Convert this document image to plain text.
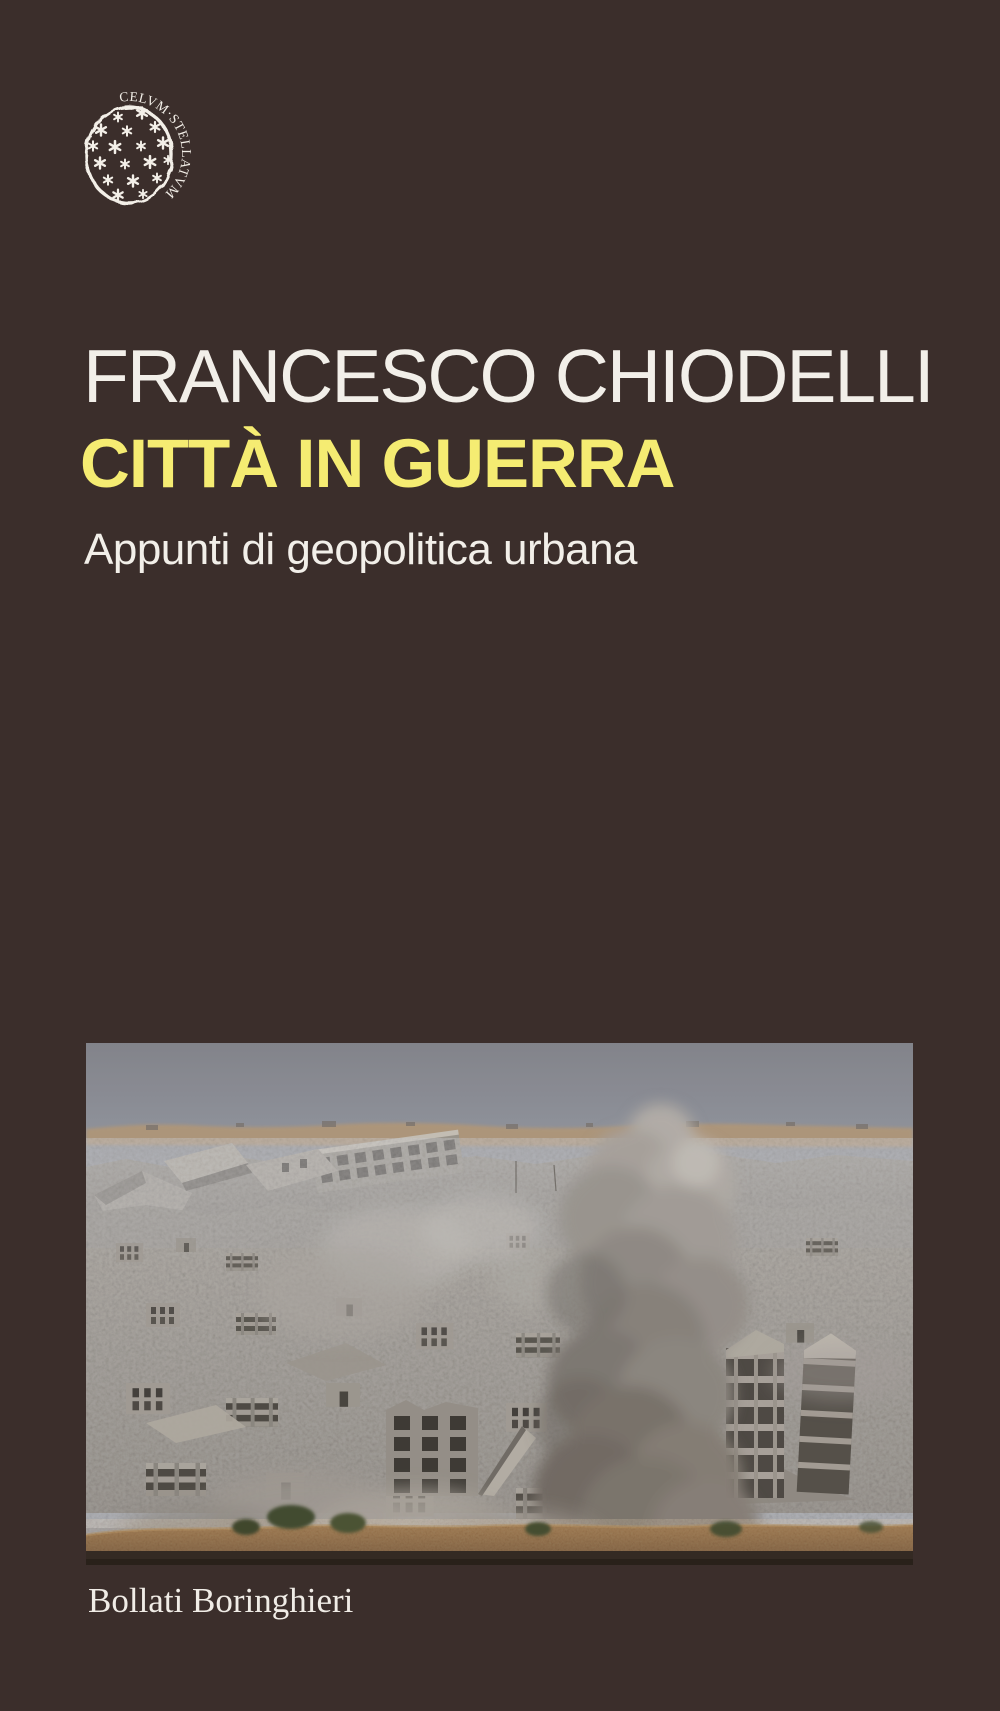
CELVM·STELLATVM
FRANCESCO CHIODELLI
CITTÀ IN GUERRA
Appunti di geopolitica urbana
Bollati Boringhieri
